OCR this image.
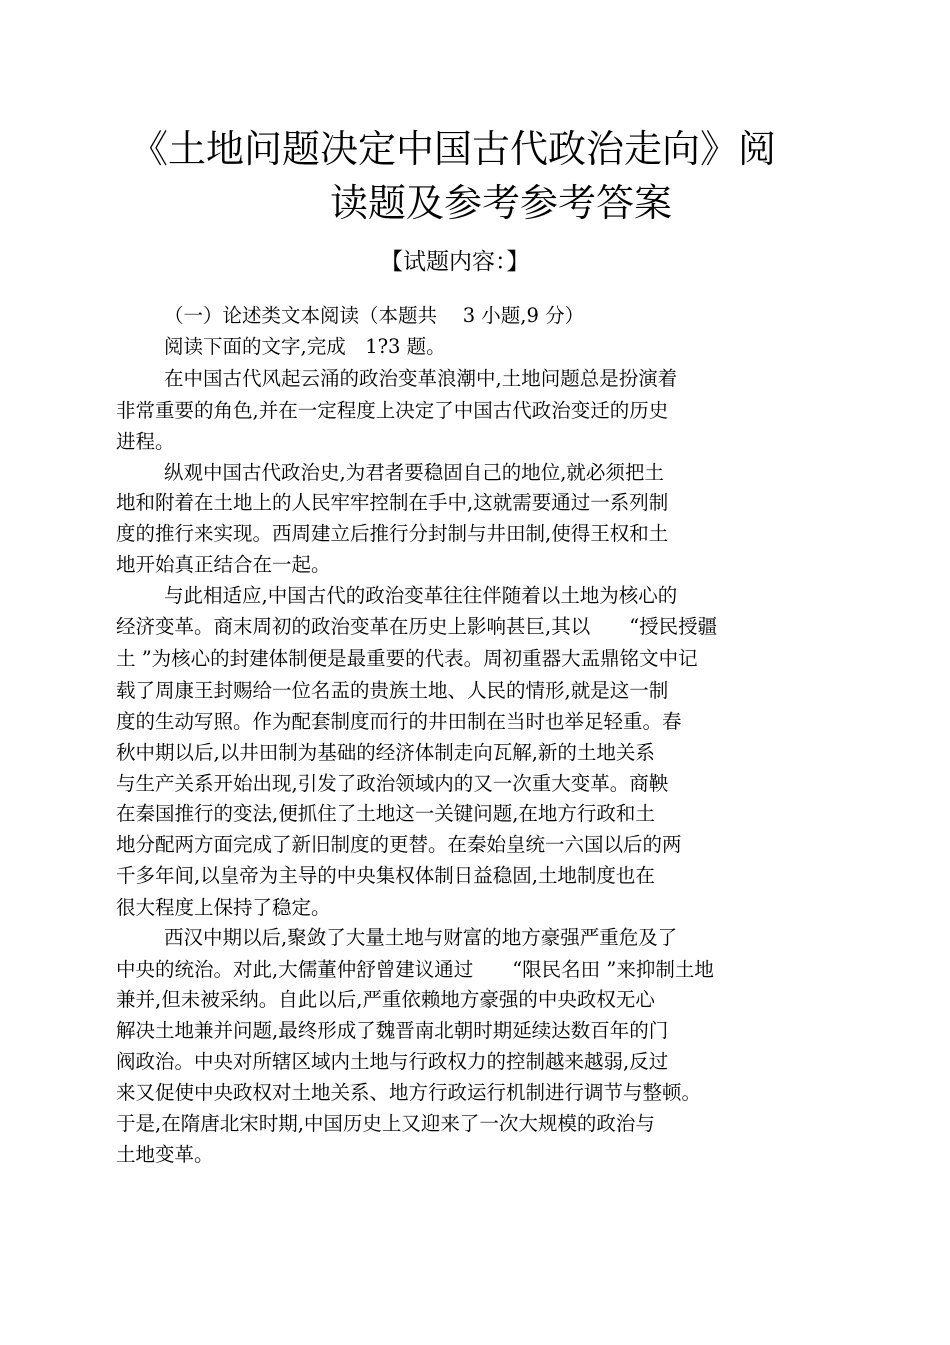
《土地问题决定中国古代政治走向》阅
读题及参考参考答案
【试题内容：】
（一）论述类文本阅读（本题共　 3 小题,9 分）
阅读下面的文字,完成　1?3 题。
在中国古代风起云涌的政治变革浪潮中,土地问题总是扮演着
非常重要的角色,并在一定程度上决定了中国古代政治变迁的历史
进程。
纵观中国古代政治史,为君者要稳固自己的地位,就必须把土
地和附着在土地上的人民牢牢控制在手中,这就需要通过一系列制
度的推行来实现。西周建立后推行分封制与井田制,使得王权和土
地开始真正结合在一起。
与此相适应,中国古代的政治变革往往伴随着以土地为核心的
经济变革。商末周初的政治变革在历史上影响甚巨,其以　　“授民授疆
土 ”为核心的封建体制便是最重要的代表。周初重器大盂鼎铭文中记
载了周康王封赐给一位名盂的贵族土地、人民的情形,就是这一制
度的生动写照。作为配套制度而行的井田制在当时也举足轻重。春
秋中期以后,以井田制为基础的经济体制走向瓦解,新的土地关系
与生产关系开始出现,引发了政治领域内的又一次重大变革。商鞅
在秦国推行的变法,便抓住了土地这一关键问题,在地方行政和土
地分配两方面完成了新旧制度的更替。在秦始皇统一六国以后的两
千多年间,以皇帝为主导的中央集权体制日益稳固,土地制度也在
很大程度上保持了稳定。
西汉中期以后,聚敛了大量土地与财富的地方豪强严重危及了
中央的统治。对此,大儒董仲舒曾建议通过　　“限民名田 ”来抑制土地
兼并,但未被采纳。自此以后,严重依赖地方豪强的中央政权无心
解决土地兼并问题,最终形成了魏晋南北朝时期延续达数百年的门
阀政治。中央对所辖区域内土地与行政权力的控制越来越弱,反过
来又促使中央政权对土地关系、地方行政运行机制进行调节与整顿。
于是,在隋唐北宋时期,中国历史上又迎来了一次大规模的政治与
土地变革。
